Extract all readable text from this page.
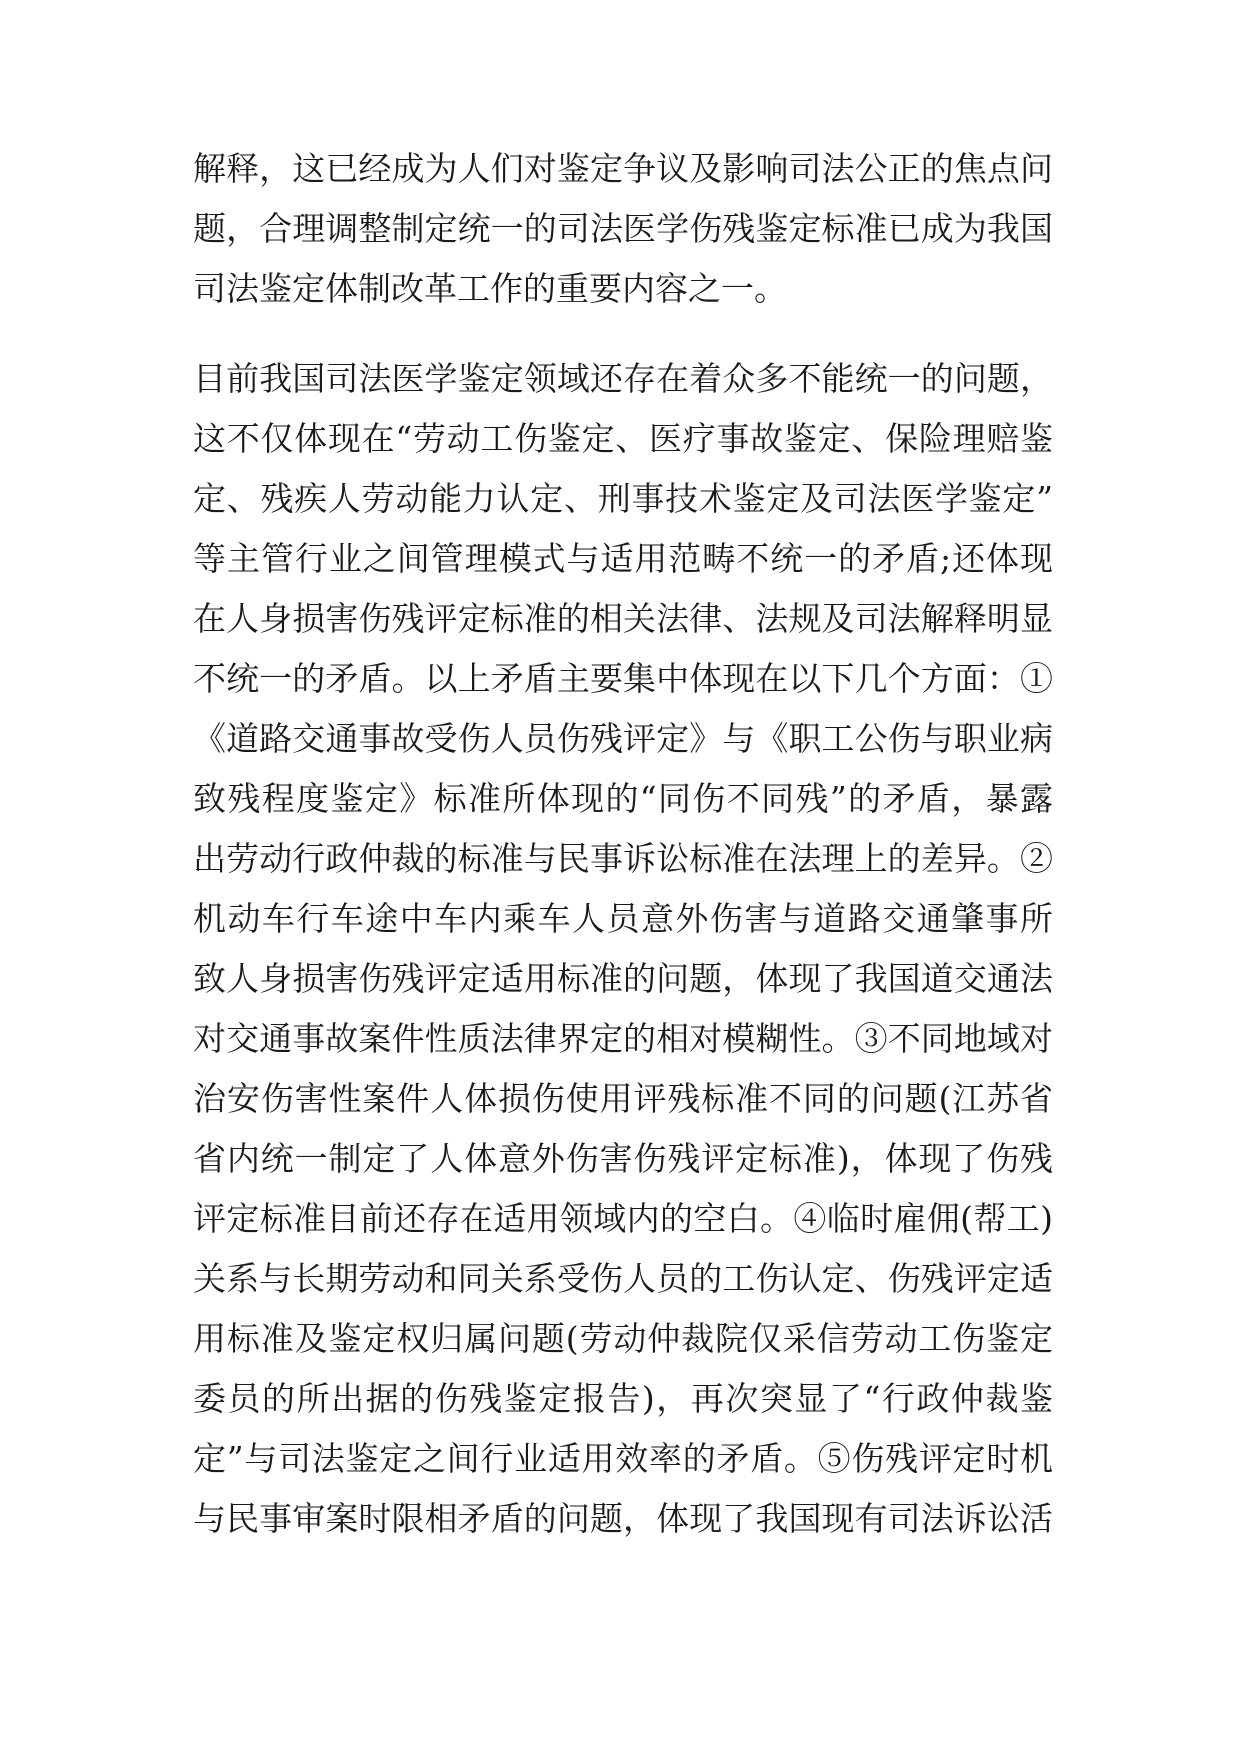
解释，这已经成为人们对鉴定争议及影响司法公正的焦点问
题，合理调整制定统一的司法医学伤残鉴定标准已成为我国
司法鉴定体制改革工作的重要内容之一。
目前我国司法医学鉴定领域还存在着众多不能统一的问题，
这不仅体现在“劳动工伤鉴定、医疗事故鉴定、保险理赔鉴
定、残疾人劳动能力认定、刑事技术鉴定及司法医学鉴定”
等主管行业之间管理模式与适用范畴不统一的矛盾;还体现
在人身损害伤残评定标准的相关法律、法规及司法解释明显
不统一的矛盾。以上矛盾主要集中体现在以下几个方面：①
《道路交通事故受伤人员伤残评定》与《职工公伤与职业病
致残程度鉴定》标准所体现的“同伤不同残”的矛盾，暴露
出劳动行政仲裁的标准与民事诉讼标准在法理上的差异。②
机动车行车途中车内乘车人员意外伤害与道路交通肇事所
致人身损害伤残评定适用标准的问题，体现了我国道交通法
对交通事故案件性质法律界定的相对模糊性。③不同地域对
治安伤害性案件人体损伤使用评残标准不同的问题(江苏省
省内统一制定了人体意外伤害伤残评定标准)，体现了伤残
评定标准目前还存在适用领域内的空白。④临时雇佣(帮工)
关系与长期劳动和同关系受伤人员的工伤认定、伤残评定适
用标准及鉴定权归属问题(劳动仲裁院仅采信劳动工伤鉴定
委员的所出据的伤残鉴定报告)，再次突显了“行政仲裁鉴
定”与司法鉴定之间行业适用效率的矛盾。⑤伤残评定时机
与民事审案时限相矛盾的问题，体现了我国现有司法诉讼活
